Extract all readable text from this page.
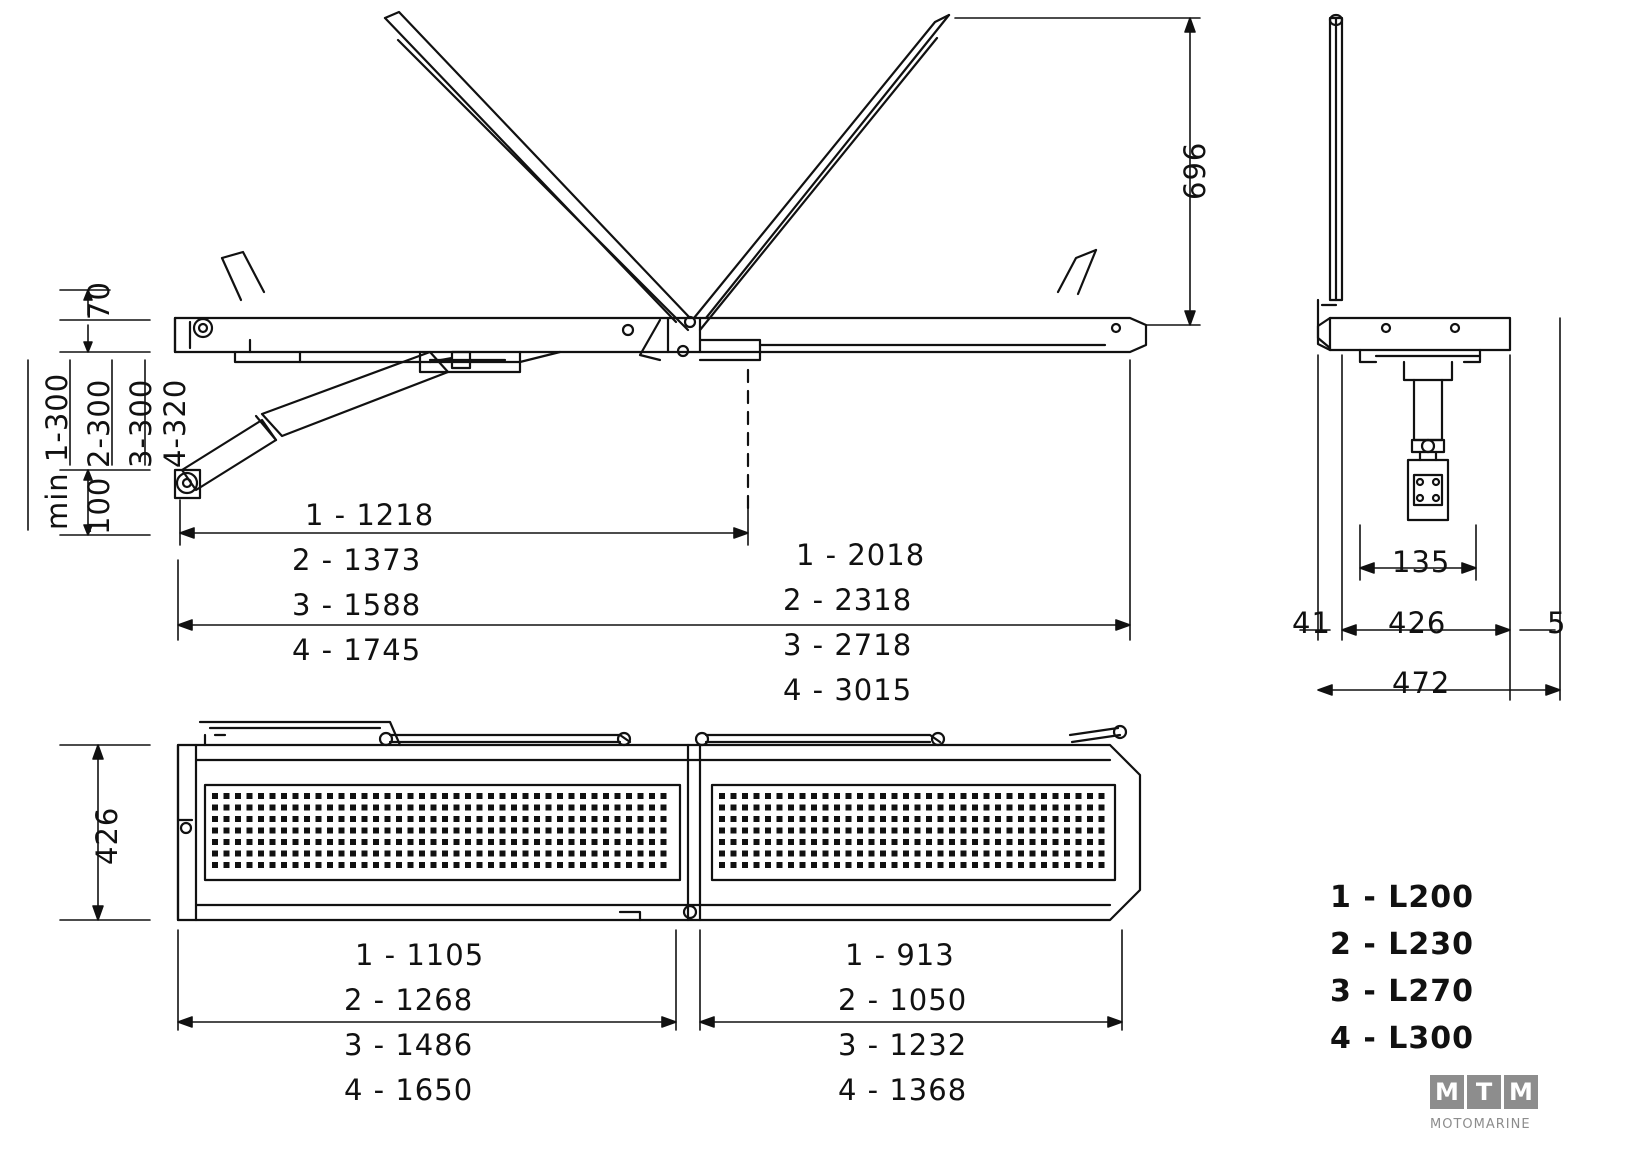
min 1-300 2-300 3-300 4-320
70
100
696
1 - 1218
2 - 1373
3 - 1588
4 - 1745
1 - 2018
2 - 2318
3 - 2718
4 - 3015
135
41 426	5
472
426
1 - 1105
2 - 1268
3 - 1486
4 - 1650
1 - 913
2 - 1050
3 - 1232
4 - 1368
1 - L200
2 - L230
3 - L270
4 - L300
M T M
MOTOMARINE
